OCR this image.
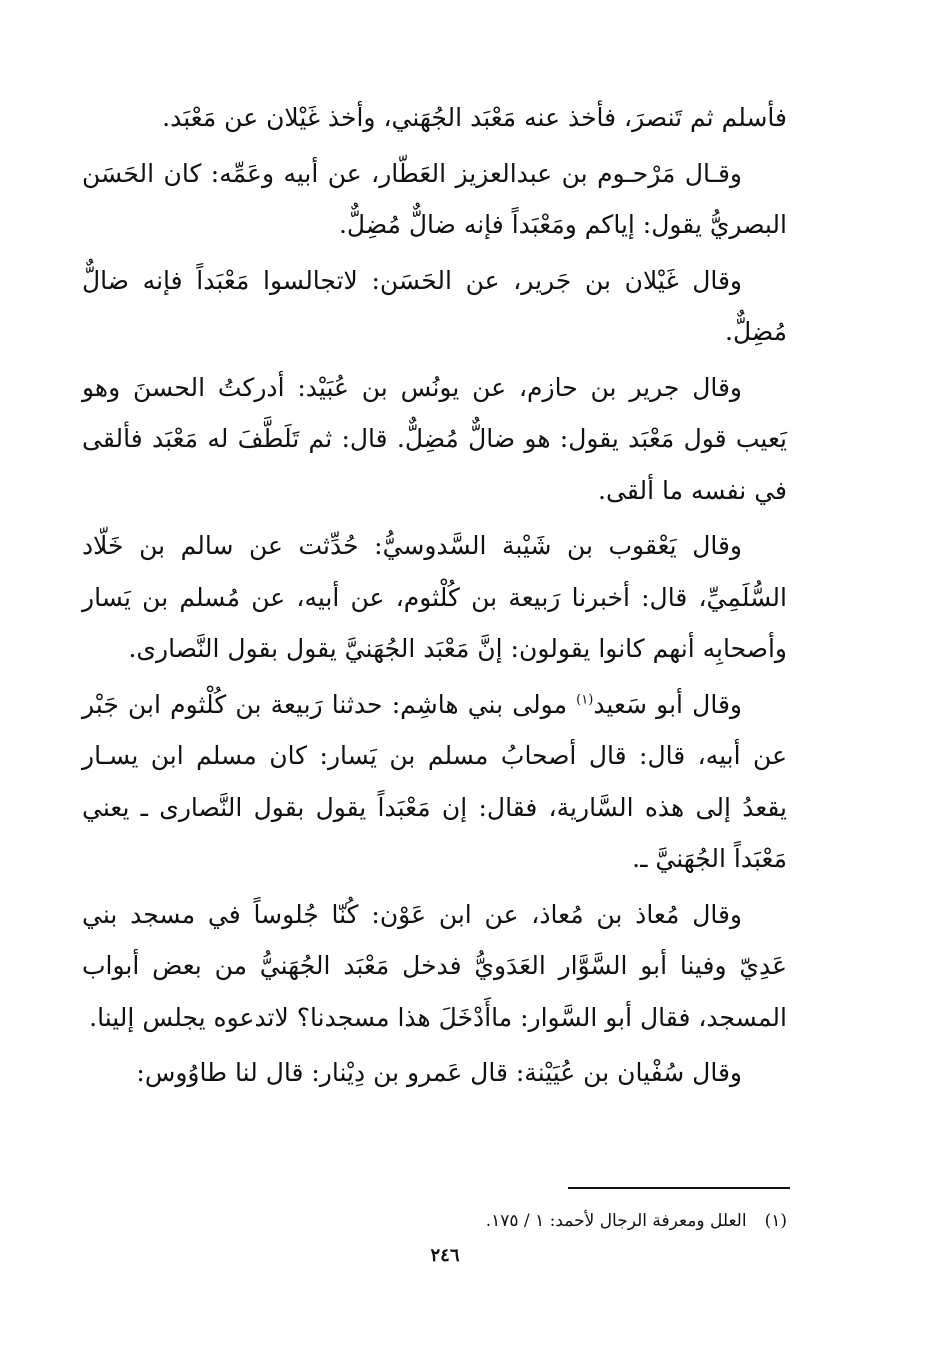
فأسلم ثم تَنصرَ، فأخذ عنه مَعْبَد الجُهَني، وأخذ غَيْلان عن مَعْبَد.

وقـال مَرْحـوم بن عبدالعزيز العَطّار، عن أبيه وعَمِّه: كان الحَسَن البصريُّ يقول: إياكم ومَعْبَداً فإنه ضالٌّ مُضِلٌّ.

وقال غَيْلان بن جَرير، عن الحَسَن: لاتجالسوا مَعْبَداً فإنه ضالٌّ مُضِلٌّ.

وقال جرير بن حازم، عن يونُس بن عُبَيْد: أدركتُ الحسنَ وهو يَعيب قول مَعْبَد يقول: هو ضالٌّ مُضِلٌّ. قال: ثم تَلَطَّفَ له مَعْبَد فألقى في نفسه ما ألقى.

وقال يَعْقوب بن شَيْبة السَّدوسيُّ: حُدِّثت عن سالم بن خَلّاد السُّلَمِيِّ، قال: أخبرنا رَبيعة بن كُلْثوم، عن أبيه، عن مُسلم بن يَسار وأصحابِه أنهم كانوا يقولون: إنَّ مَعْبَد الجُهَنيَّ يقول بقول النَّصارى.

وقال أبو سَعيد$^{(١)}$ مولى بني هاشِم: حدثنا رَبيعة بن كُلْثوم ابن جَبْر عن أبيه، قال: قال أصحابُ مسلم بن يَسار: كان مسلم ابن يسـار يقعدُ إلى هذه السَّارية، فقال: إن مَعْبَداً يقول بقول النَّصارى ـ يعني مَعْبَداً الجُهَنيَّ ـ.

وقال مُعاذ بن مُعاذ، عن ابن عَوْن: كُنّا جُلوساً في مسجد بني عَدِيّ وفينا أبو السَّوَّار العَدَويُّ فدخل مَعْبَد الجُهَنيُّ من بعض أبواب المسجد، فقال أبو السَّوار: ماأَدْخَلَ هذا مسجدنا؟ لاتدعوه يجلس إلينا.

وقال سُفْيان بن عُيَيْنة: قال عَمرو بن دِيْنار: قال لنا طاوُوس:

(١)العلل ومعرفة الرجال لأحمد: ١ / ١٧٥.
٢٤٦
